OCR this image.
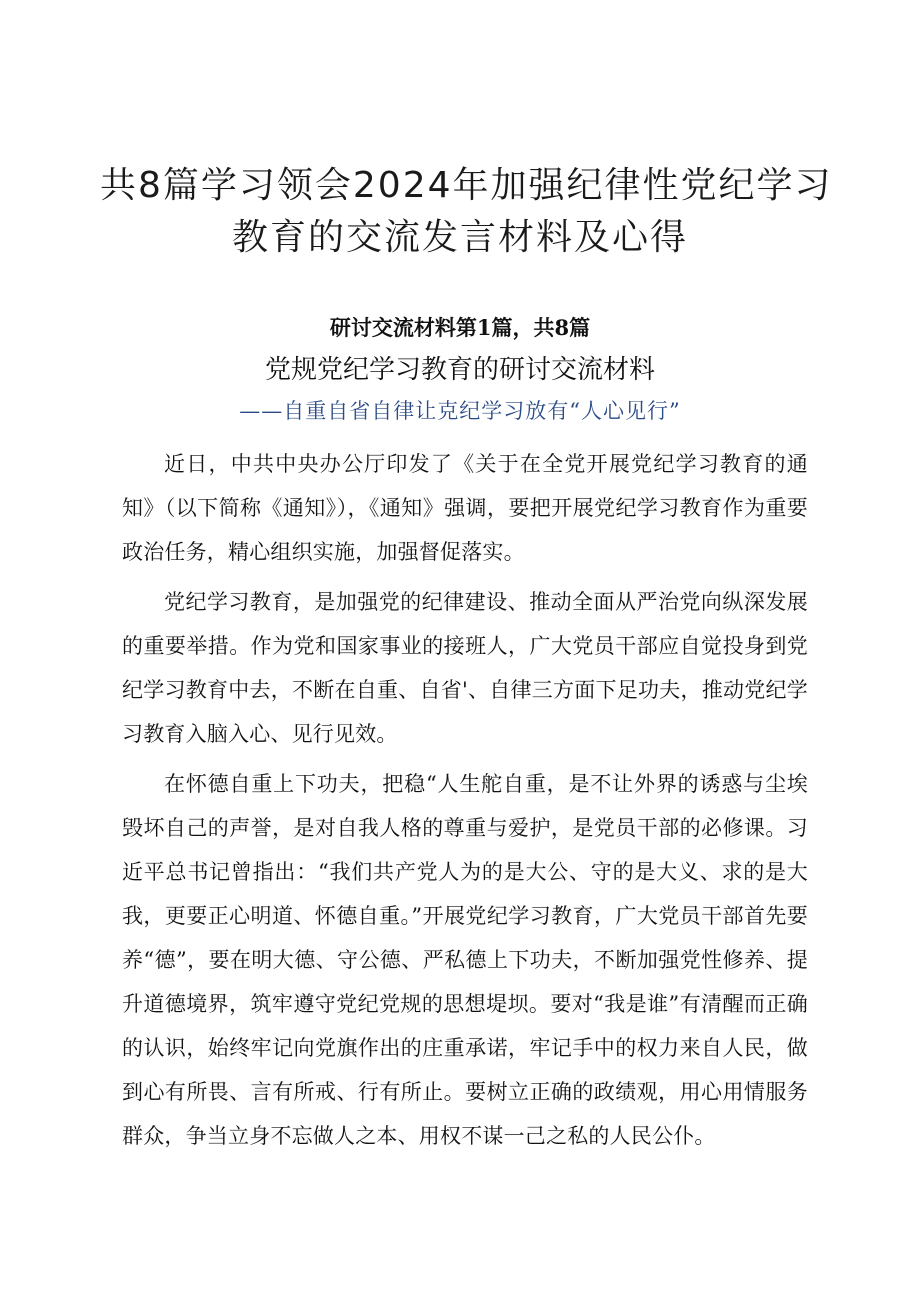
共8篇学习领会2024年加强纪律性党纪学习
教育的交流发言材料及心得
研讨交流材料第1篇，共8篇
党规党纪学习教育的研讨交流材料
——自重自省自律让克纪学习放有“人心见行”

近日，中共中央办公厅印发了《关于在全党开展党纪学习教育的通知》（以下简称《通知》），《通知》强调，要把开展党纪学习教育作为重要政治任务，精心组织实施，加强督促落实。

党纪学习教育，是加强党的纪律建设、推动全面从严治党向纵深发展的重要举措。作为党和国家事业的接班人，广大党员干部应自觉投身到党纪学习教育中去，不断在自重、自省'、自律三方面下足功夫，推动党纪学习教育入脑入心、见行见效。

在怀德自重上下功夫，把稳“人生舵自重，是不让外界的诱惑与尘埃毁坏自己的声誉，是对自我人格的尊重与爱护，是党员干部的必修课。习近平总书记曾指出：“我们共产党人为的是大公、守的是大义、求的是大我，更要正心明道、怀德自重。”开展党纪学习教育，广大党员干部首先要养“德”，要在明大德、守公德、严私德上下功夫，不断加强党性修养、提升道德境界，筑牢遵守党纪党规的思想堤坝。要对“我是谁”有清醒而正确的认识，始终牢记向党旗作出的庄重承诺，牢记手中的权力来自人民，做到心有所畏、言有所戒、行有所止。要树立正确的政绩观，用心用情服务群众，争当立身不忘做人之本、用权不谋一己之私的人民公仆。
